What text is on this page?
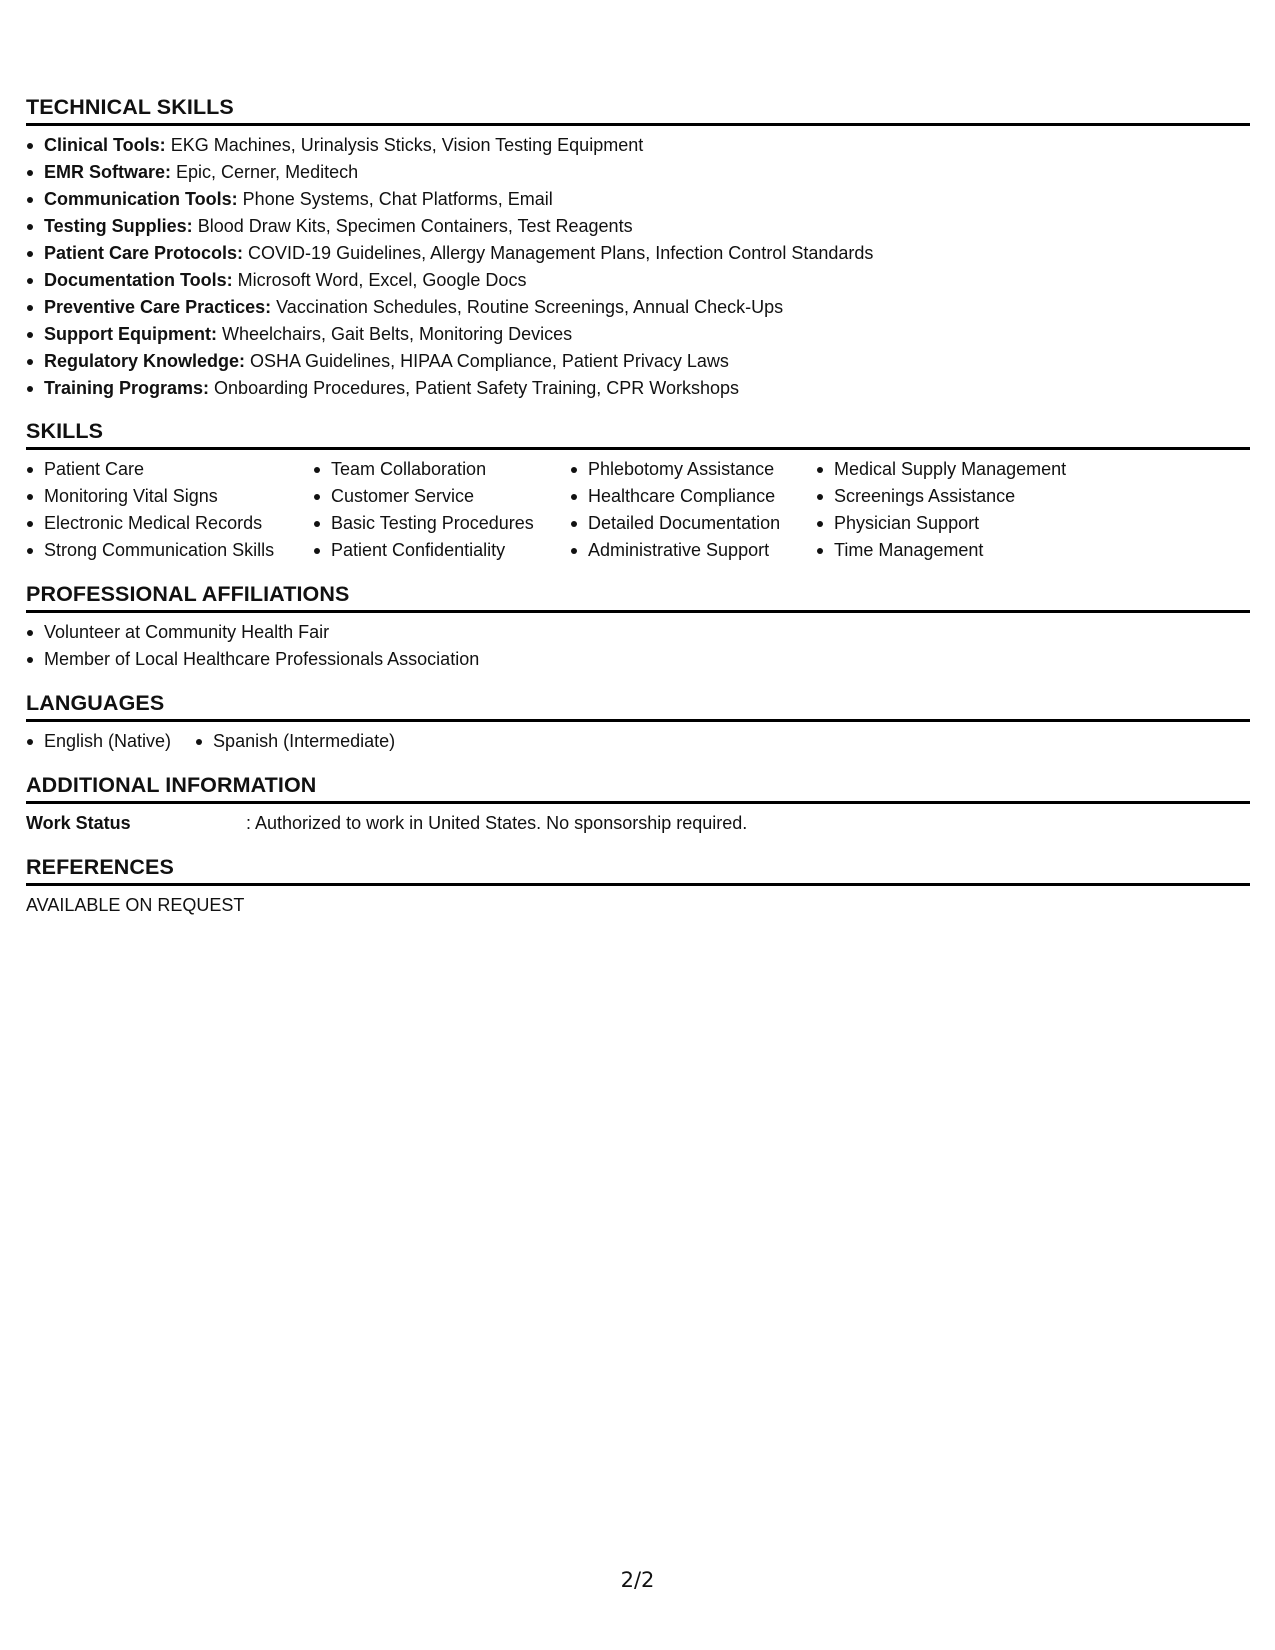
TECHNICAL SKILLS
Clinical Tools: EKG Machines, Urinalysis Sticks, Vision Testing Equipment
EMR Software: Epic, Cerner, Meditech
Communication Tools: Phone Systems, Chat Platforms, Email
Testing Supplies: Blood Draw Kits, Specimen Containers, Test Reagents
Patient Care Protocols: COVID-19 Guidelines, Allergy Management Plans, Infection Control Standards
Documentation Tools: Microsoft Word, Excel, Google Docs
Preventive Care Practices: Vaccination Schedules, Routine Screenings, Annual Check-Ups
Support Equipment: Wheelchairs, Gait Belts, Monitoring Devices
Regulatory Knowledge: OSHA Guidelines, HIPAA Compliance, Patient Privacy Laws
Training Programs: Onboarding Procedures, Patient Safety Training, CPR Workshops
SKILLS
Patient Care
Monitoring Vital Signs
Electronic Medical Records
Strong Communication Skills
Team Collaboration
Customer Service
Basic Testing Procedures
Patient Confidentiality
Phlebotomy Assistance
Healthcare Compliance
Detailed Documentation
Administrative Support
Medical Supply Management
Screenings Assistance
Physician Support
Time Management
PROFESSIONAL AFFILIATIONS
Volunteer at Community Health Fair
Member of Local Healthcare Professionals Association
LANGUAGES
English (Native)	Spanish (Intermediate)
ADDITIONAL INFORMATION
Work Status	: Authorized to work in United States. No sponsorship required.
REFERENCES

AVAILABLE ON REQUEST

2/2
